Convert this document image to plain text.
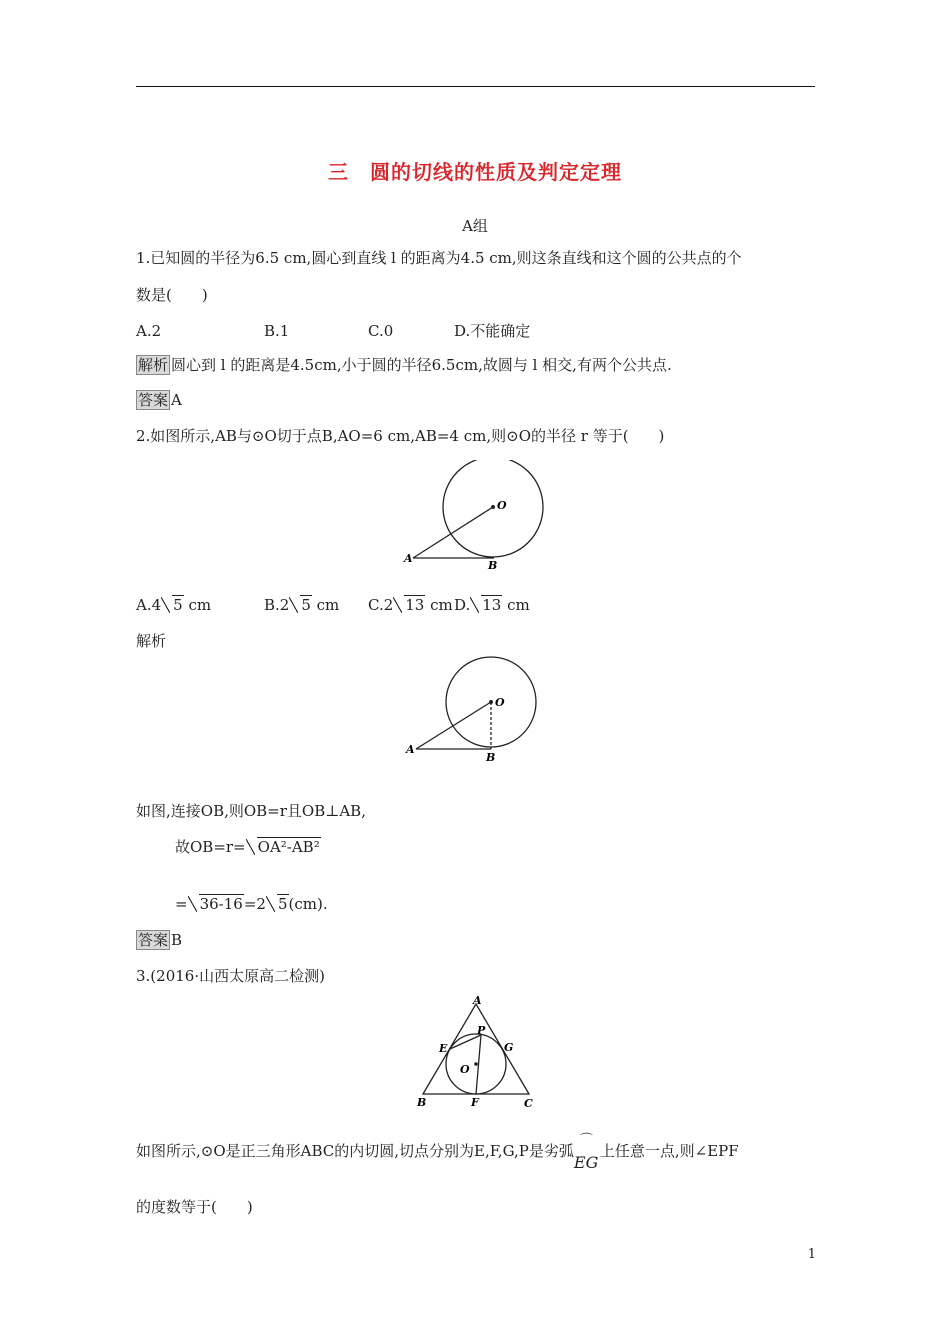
三　圆的切线的性质及判定定理
A组
1.已知圆的半径为6.5 cm,圆心到直线 l 的距离为4.5 cm,则这条直线和这个圆的公共点的个
数是(　　)
A.2	B.1	C.0	D.不能确定
解析 圆心到 l 的距离是4.5cm,小于圆的半径6.5cm,故圆与 l 相交,有两个公共点.
答案 A
2.如图所示,AB与⊙O切于点B,AO=6 cm,AB=4 cm,则⊙O的半径 r 等于(　　)
O
A
B
A.4 5 cm	B.2 5 cm C.2 13 cmD. 13 cm
解析
O
A
B
如图,连接OB,则OB=r且OB⊥AB,
故OB=r= OA²-AB²
= 36-16=2 5(cm).
答案 B
3.(2016·山西太原高二检测)
A
B	C
E
F
G
P
O
如图所示,⊙O是正三角形ABC的内切圆,切点分别为E,F,G,P是劣弧
⌒
EG
上任意一点,则∠EPF
的度数等于(　　)
1
